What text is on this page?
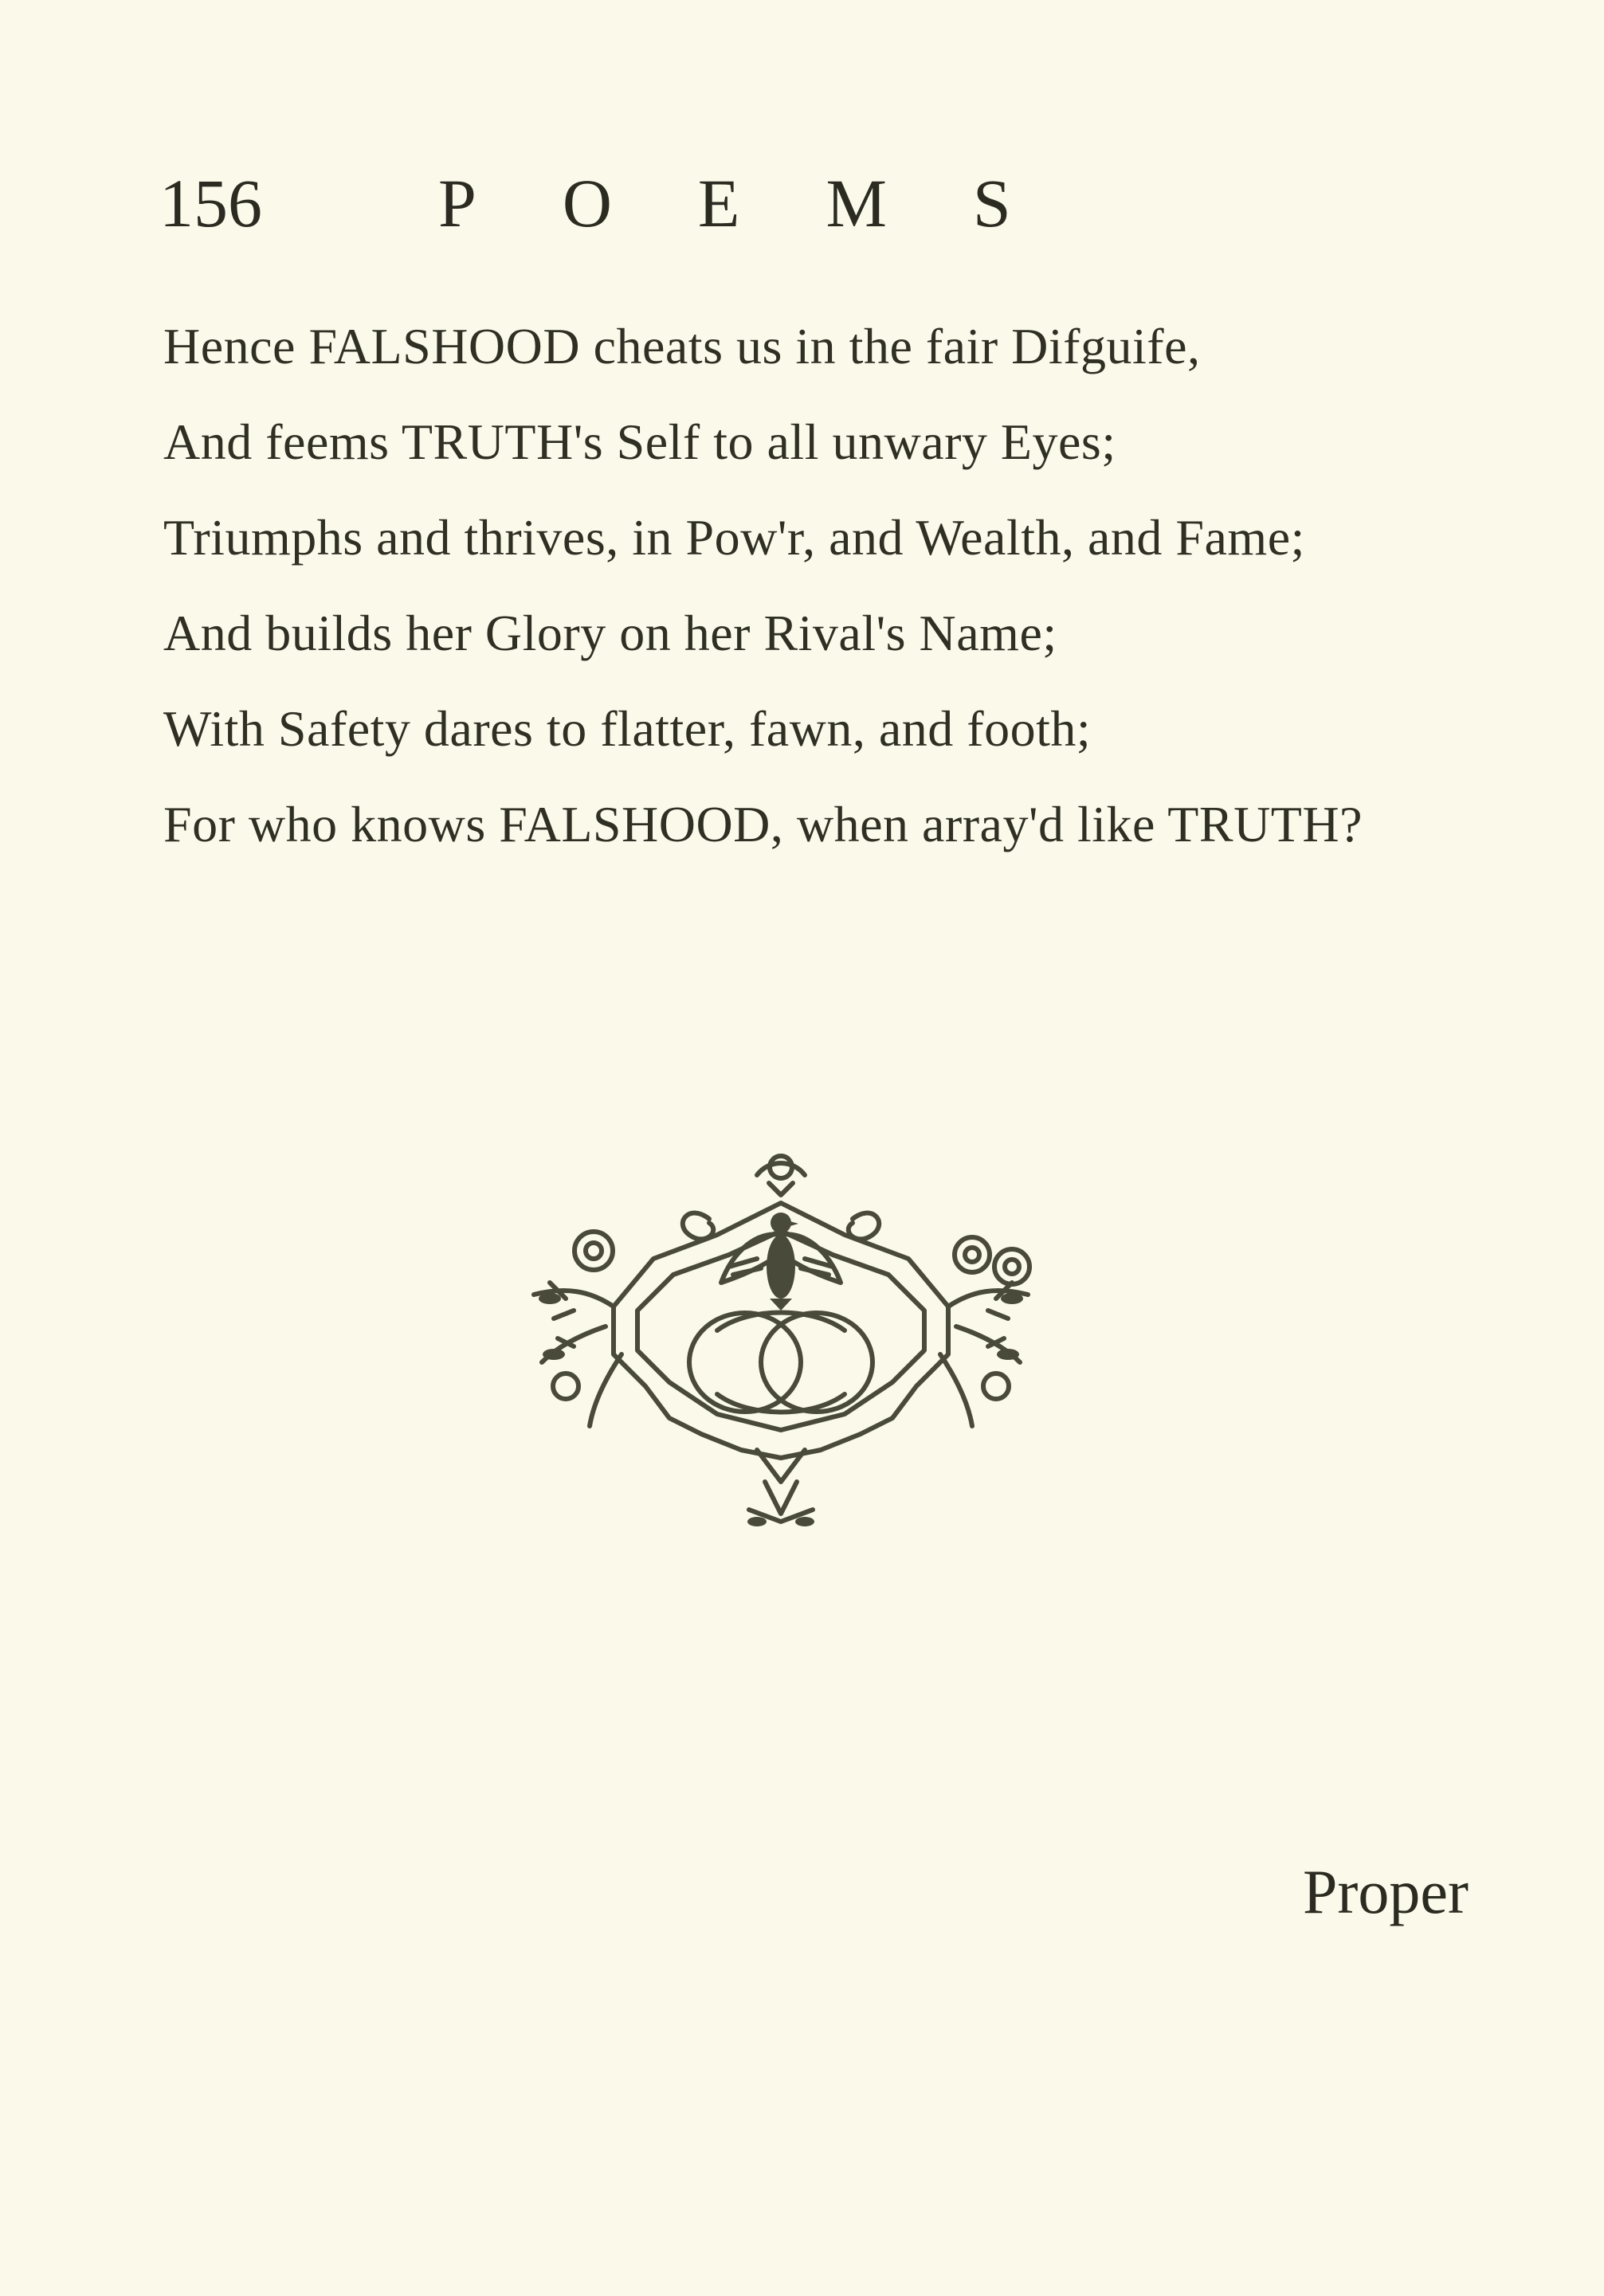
156	POEMS
Hence FALSHOOD cheats us in the fair Difguife,
And feems TRUTH's Self to all unwary Eyes;
Triumphs and thrives, in Pow'r, and Wealth, and Fame;
And builds her Glory on her Rival's Name;
With Safety dares to flatter, fawn, and footh;
For who knows FALSHOOD, when array'd like TRUTH?
Proper
